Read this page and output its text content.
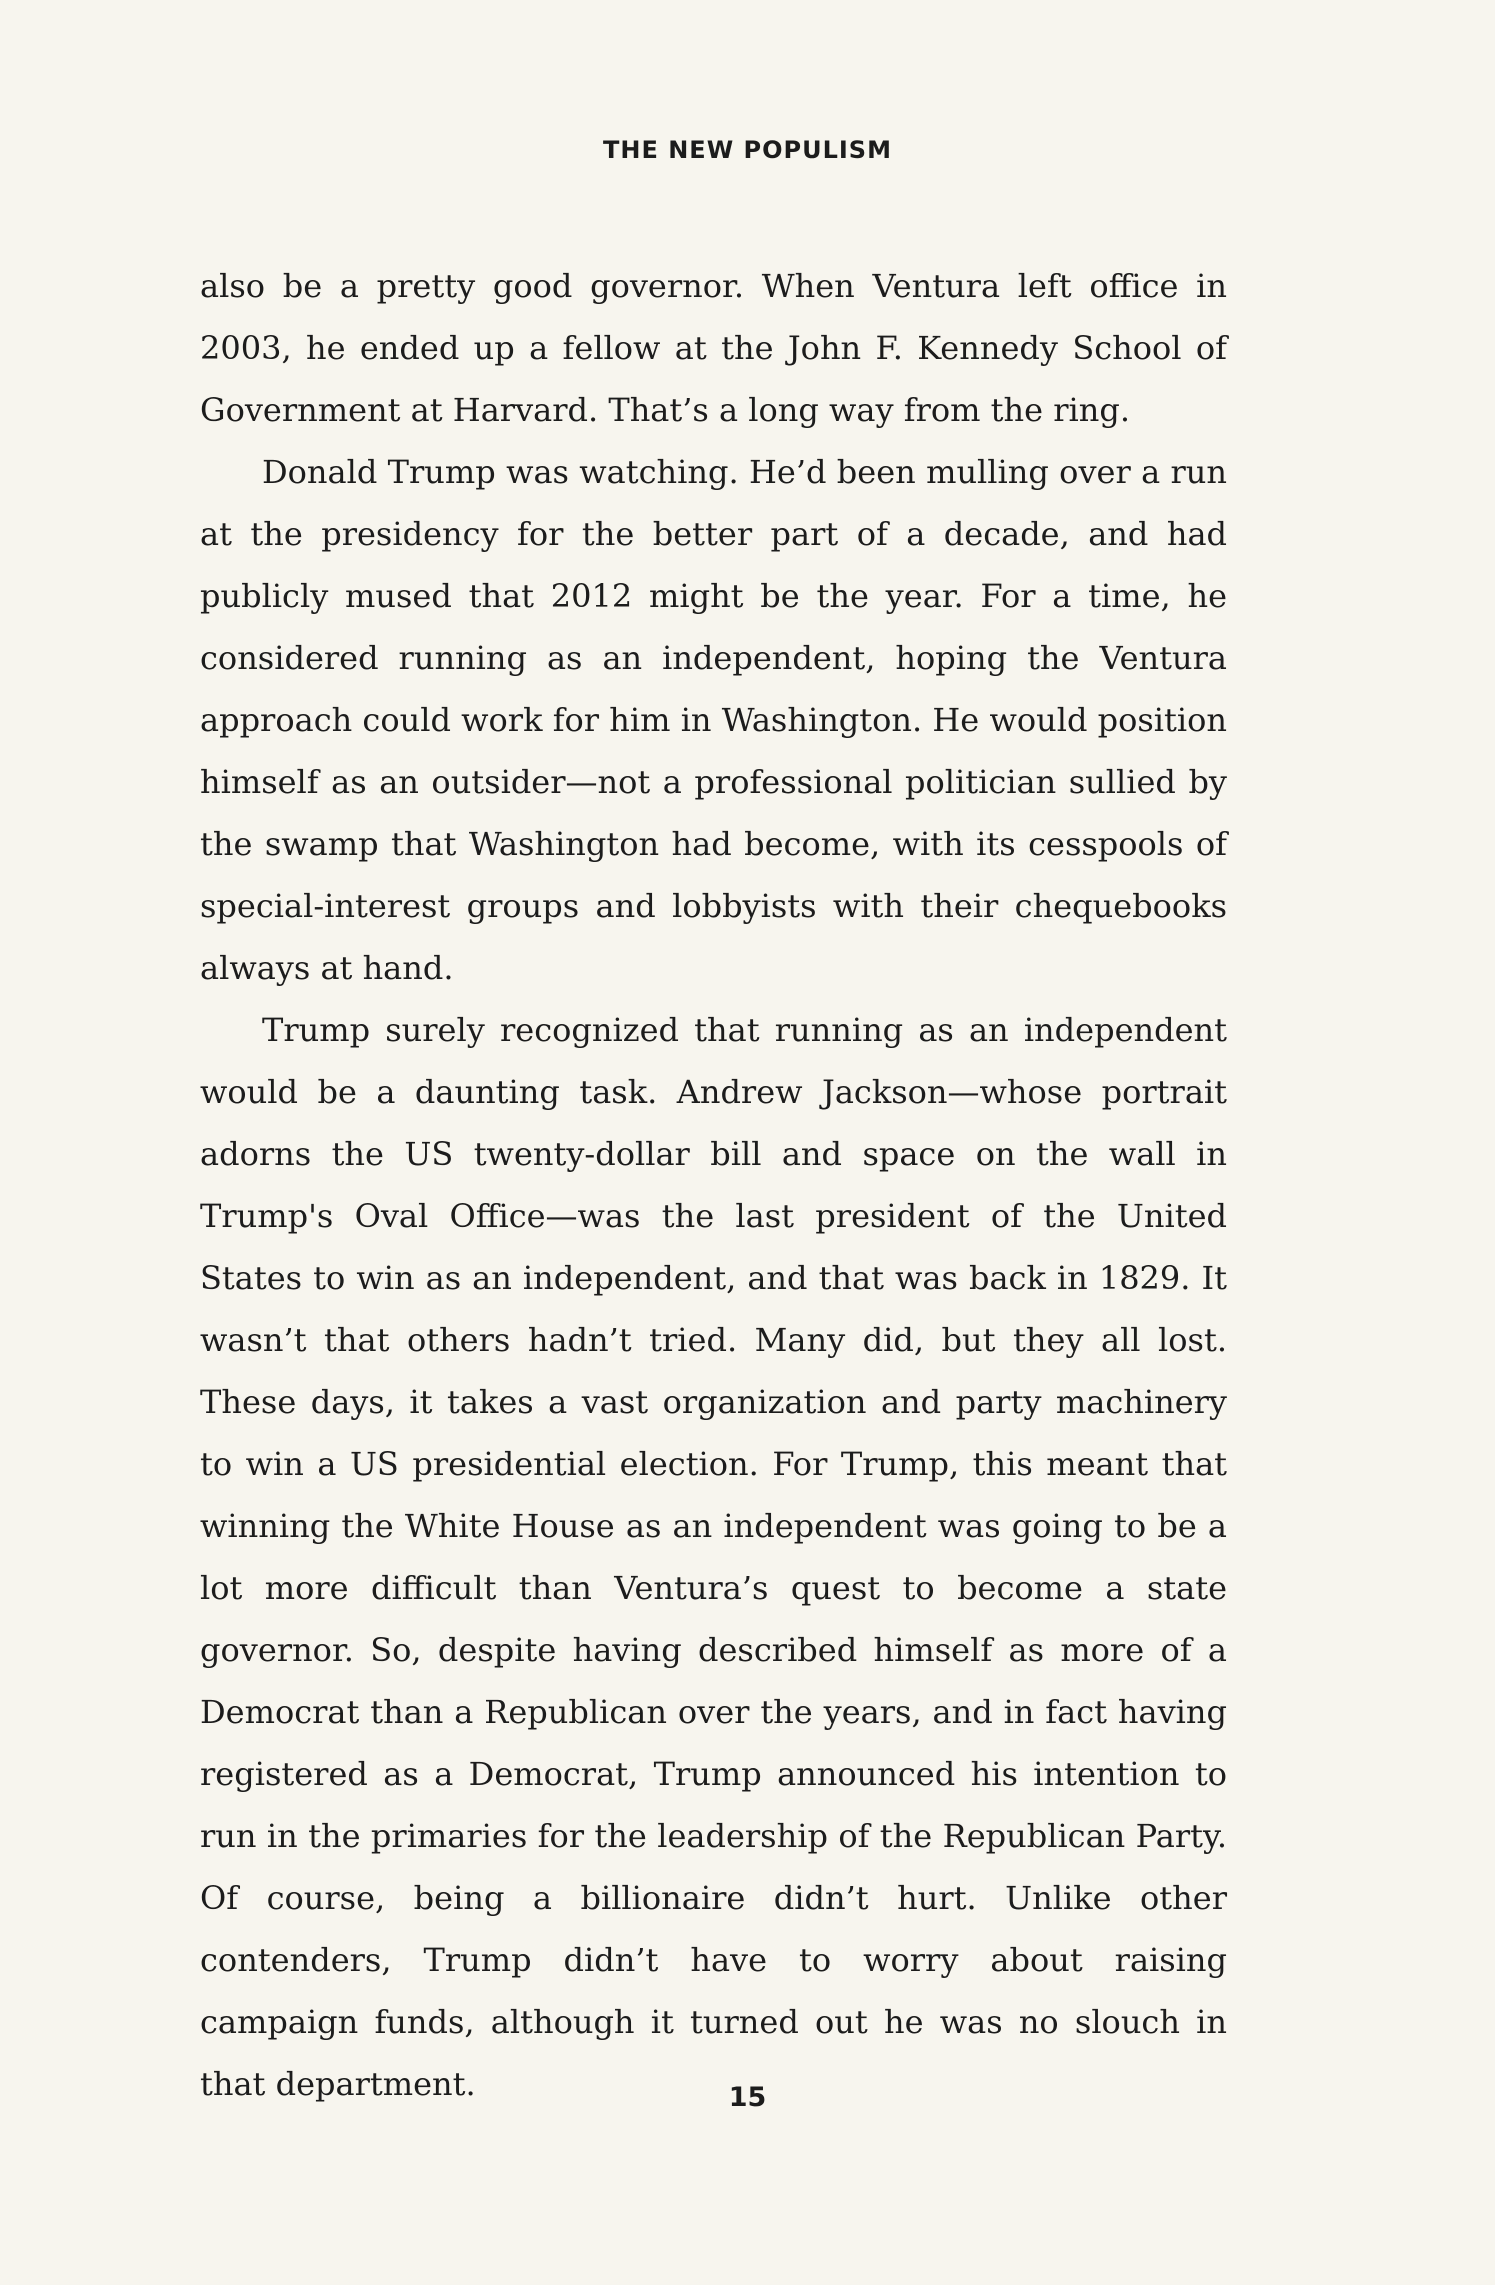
THE NEW POPULISM

also be a pretty good governor. When Ventura left office in 2003, he ended up a fellow at the John F. Kennedy School of Government at Harvard. That’s a long way from the ring.

Donald Trump was watching. He’d been mulling over a run at the presidency for the better part of a decade, and had publicly mused that 2012 might be the year. For a time, he considered running as an independent, hoping the Ventura approach could work for him in Washington. He would position himself as an outsider—not a professional politician sullied by the swamp that Washington had become, with its cesspools of special-interest groups and lobbyists with their chequebooks always at hand.

Trump surely recognized that running as an independent would be a daunting task. Andrew Jackson—whose portrait adorns the US twenty-dollar bill and space on the wall in Trump's Oval Office—was the last president of the United States to win as an independent, and that was back in 1829. It wasn’t that others hadn’t tried. Many did, but they all lost. These days, it takes a vast organization and party machinery to win a US presidential election. For Trump, this meant that winning the White House as an independent was going to be a lot more difficult than Ventura’s quest to become a state governor. So, despite having described himself as more of a Democrat than a Republican over the years, and in fact having registered as a Democrat, Trump announced his intention to run in the primaries for the leadership of the Republican Party. Of course, being a billionaire didn’t hurt. Unlike other contenders, Trump didn’t have to worry about raising campaign funds, although it turned out he was no slouch in that department.	15
